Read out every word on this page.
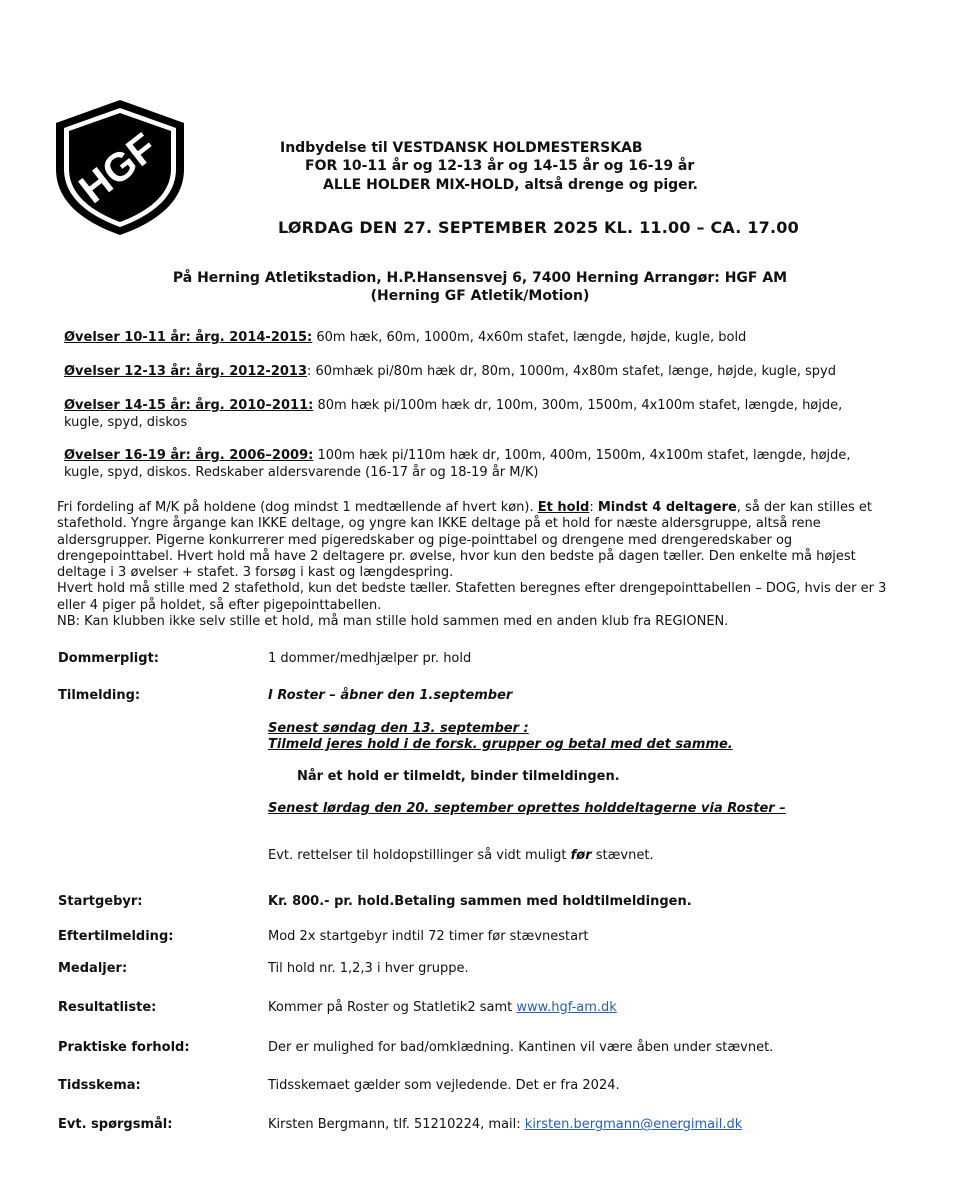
HGF	Indbydelse til VESTDANSK HOLDMESTERSKAB
FOR 10-11 år og 12-13 år og 14-15 år og 16-19 år
ALLE HOLDER MIX-HOLD, altså drenge og piger.
LØRDAG DEN 27. SEPTEMBER 2025 KL. 11.00 – CA. 17.00
På Herning Atletikstadion, H.P.Hansensvej 6, 7400 Herning Arrangør: HGF AM
(Herning GF Atletik/Motion)
Øvelser 10-11 år: årg. 2014-2015: 60m hæk, 60m, 1000m, 4x60m stafet, længde, højde, kugle, bold
Øvelser 12-13 år: årg. 2012-2013: 60mhæk pi/80m hæk dr, 80m, 1000m, 4x80m stafet, længe, højde, kugle, spyd
Øvelser 14-15 år: årg. 2010–2011: 80m hæk pi/100m hæk dr, 100m, 300m, 1500m, 4x100m stafet, længde, højde, kugle, spyd, diskos
Øvelser 16-19 år: årg. 2006–2009: 100m hæk pi/110m hæk dr, 100m, 400m, 1500m, 4x100m stafet, længde, højde, kugle, spyd, diskos. Redskaber aldersvarende (16-17 år og 18-19 år M/K)
Fri fordeling af M/K på holdene (dog mindst 1 medtællende af hvert køn). Et hold: Mindst 4 deltagere, så der kan stilles et stafethold. Yngre årgange kan IKKE deltage, og yngre kan IKKE deltage på et hold for næste aldersgruppe, altså rene aldersgrupper. Pigerne konkurrerer med pigeredskaber og pige-pointtabel og drengene med drengeredskaber og drengepointtabel. Hvert hold må have 2 deltagere pr. øvelse, hvor kun den bedste på dagen tæller. Den enkelte må højest deltage i 3 øvelser + stafet. 3 forsøg i kast og længdespring.
Hvert hold må stille med 2 stafethold, kun det bedste tæller. Stafetten beregnes efter drengepointtabellen – DOG, hvis der er 3 eller 4 piger på holdet, så efter pigepointtabellen.
NB: Kan klubben ikke selv stille et hold, må man stille hold sammen med en anden klub fra REGIONEN.
Dommerpligt:	1 dommer/medhjælper pr. hold
Tilmelding:	I Roster – åbner den 1.september
Senest søndag den 13. september :
Tilmeld jeres hold i de forsk. grupper og betal med det samme.
Når et hold er tilmeldt, binder tilmeldingen.
Senest lørdag den 20. september oprettes holddeltagerne via Roster –
Evt. rettelser til holdopstillinger så vidt muligt før stævnet.
Startgebyr:	Kr. 800.- pr. hold.Betaling sammen med holdtilmeldingen.
Eftertilmelding:	Mod 2x startgebyr indtil 72 timer før stævnestart
Medaljer:	Til hold nr. 1,2,3 i hver gruppe.
Resultatliste:	Kommer på Roster og Statletik2 samt www.hgf-am.dk
Praktiske forhold:	Der er mulighed for bad/omklædning. Kantinen vil være åben under stævnet.
Tidsskema:	Tidsskemaet gælder som vejledende. Det er fra 2024.
Evt. spørgsmål:	Kirsten Bergmann, tlf. 51210224, mail: kirsten.bergmann@energimail.dk
